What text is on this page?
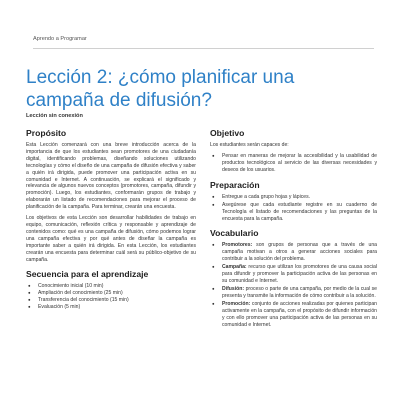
Aprendo a Programar
Lección 2: ¿cómo planificar una campaña de difusión?
Lección sin conexión
Propósito

Esta Lección comenzará con una breve introducción acerca de la importancia de que los estudiantes sean promotores de una ciudadanía digital, identificando problemas, diseñando soluciones utilizando tecnologías y cómo el diseño de una campaña de difusión efectiva y saber a quién irá dirigida, puede promover una participación activa en su comunidad e Internet. A continuación, se explicará el significado y relevancia de algunos nuevos conceptos (promotores, campaña, difundir y promoción). Luego, los estudiantes, conformarán grupos de trabajo y elaborarán un listado de recomendaciones para mejorar el proceso de planificación de la campaña. Para terminar, crearán una encuesta.

Los objetivos de esta Lección son desarrollar habilidades de trabajo en equipo, comunicación, reflexión crítica y responsable y aprendizaje de contenidos como: qué es una campaña de difusión, cómo podemos lograr una campaña efectiva y por qué antes de diseñar la campaña es importante saber a quién irá dirigida. En esta Lección, los estudiantes crearán una encuesta para determinar cuál será su público-objetivo de su campaña.

Secuencia para el aprendizaje
● Conocimiento inicial (10 min)
● Ampliación del conocimiento (25 min)
● Transferencia del conocimiento (15 min)
● Evaluación (5 min)
Objetivo

Los estudiantes serán capaces de:

● Pensar en maneras de mejorar la accesibilidad y la usabilidad de productos tecnológicos al servicio de las diversas necesidades y deseos de los usuarios.
Preparación
● Entregue a cada grupo hojas y lápices.
● Asegúrese que cada estudiante registre en su cuaderno de Tecnología el listado de recomendaciones y las preguntas de la encuesta para la campaña.
Vocabulario
● Promotores: son grupos de personas que a través de una campaña motivan a otros a generar acciones sociales para contribuir a la solución del problema.
● Campaña: recurso que utilizan los promotores de una causa social para difundir y promover la participación activa de las personas en su comunidad e Internet.
● Difusión: proceso o parte de una campaña, por medio de la cual se presenta y transmite la información de cómo contribuir a la solución.
● Promoción: conjunto de acciones realizadas por quienes participan activamente en la campaña, con el propósito de difundir información y con ello promover una participación activa de las personas en su comunidad e Internet.
